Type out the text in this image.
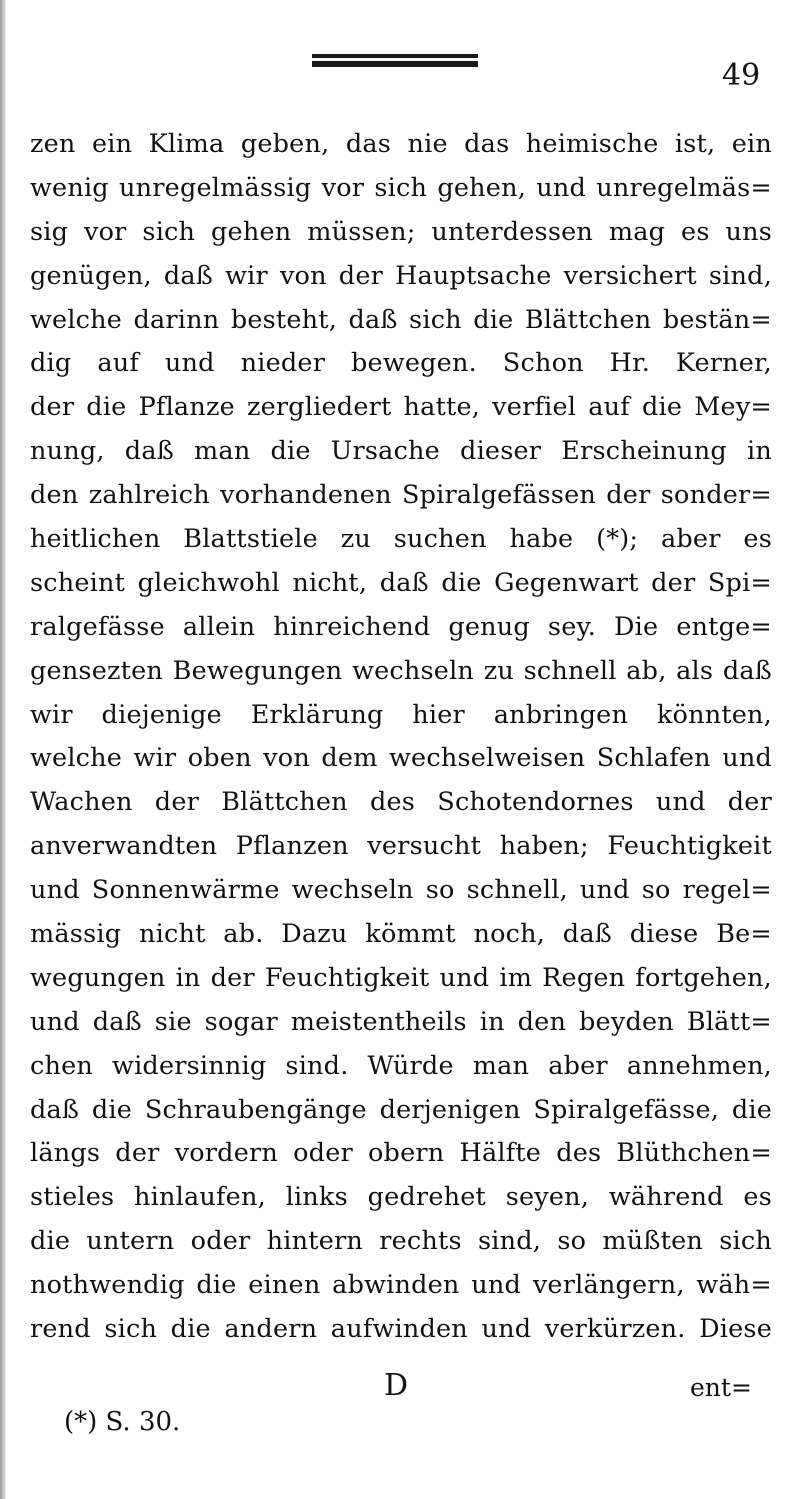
49
zen ein Klima geben, das nie das heimische ist, ein
wenig unregelmässig vor sich gehen, und unregelmäs=
sig vor sich gehen müssen; unterdessen mag es uns
genügen, daß wir von der Hauptsache versichert sind,
welche darinn besteht, daß sich die Blättchen bestän=
dig auf und nieder bewegen. Schon Hr. Kerner,
der die Pflanze zergliedert hatte, verfiel auf die Mey=
nung, daß man die Ursache dieser Erscheinung in
den zahlreich vorhandenen Spiralgefässen der sonder=
heitlichen Blattstiele zu suchen habe (*); aber es
scheint gleichwohl nicht, daß die Gegenwart der Spi=
ralgefässe allein hinreichend genug sey. Die entge=
gensezten Bewegungen wechseln zu schnell ab, als daß
wir diejenige Erklärung hier anbringen könnten,
welche wir oben von dem wechselweisen Schlafen und
Wachen der Blättchen des Schotendornes und der
anverwandten Pflanzen versucht haben; Feuchtigkeit
und Sonnenwärme wechseln so schnell, und so regel=
mässig nicht ab. Dazu kömmt noch, daß diese Be=
wegungen in der Feuchtigkeit und im Regen fortgehen,
und daß sie sogar meistentheils in den beyden Blätt=
chen widersinnig sind. Würde man aber annehmen,
daß die Schraubengänge derjenigen Spiralgefässe, die
längs der vordern oder obern Hälfte des Blüthchen=
stieles hinlaufen, links gedrehet seyen, während es
die untern oder hintern rechts sind, so müßten sich
nothwendig die einen abwinden und verlängern, wäh=
rend sich die andern aufwinden und verkürzen. Diese
D	ent=
(*) S. 30.
